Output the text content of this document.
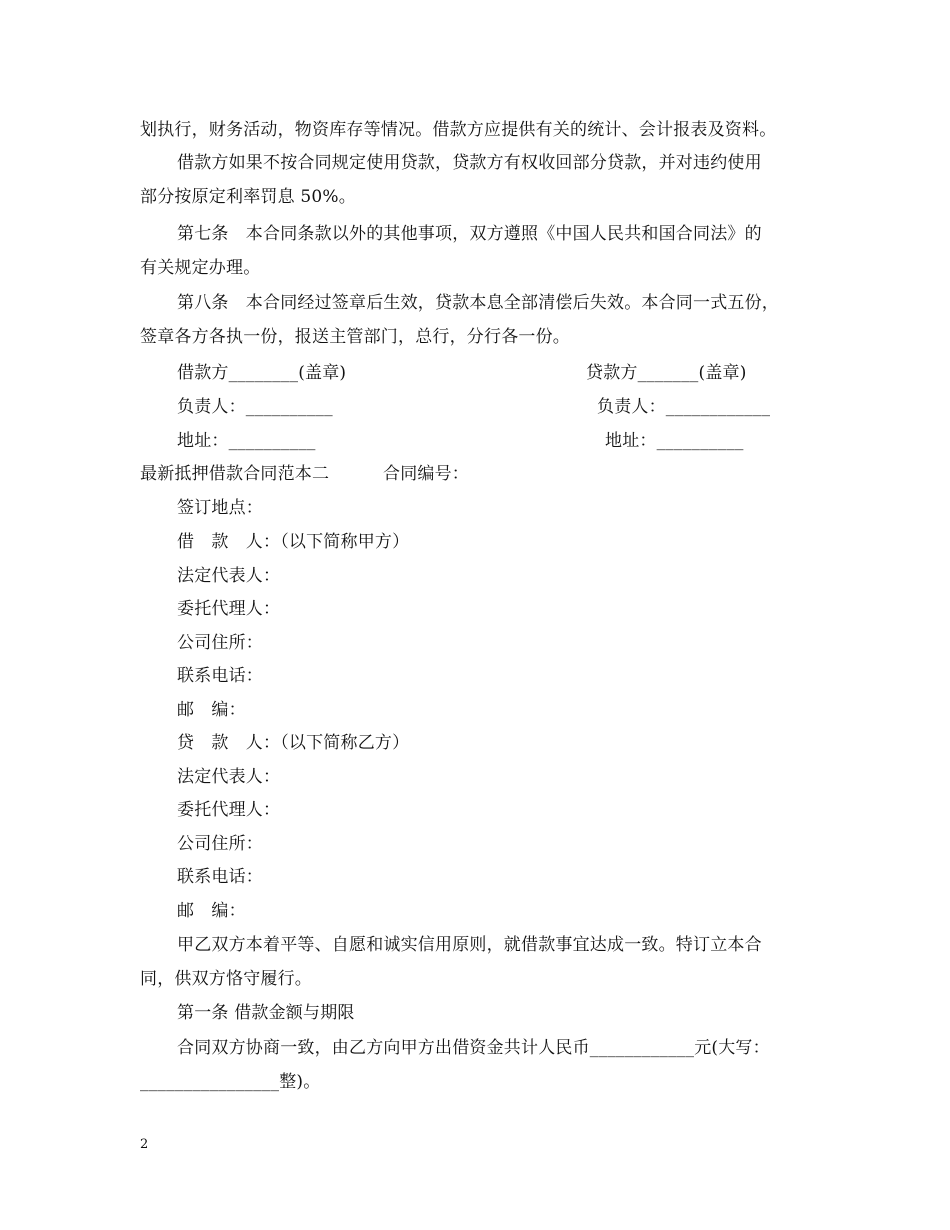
划执行，财务活动，物资库存等情况。借款方应提供有关的统计、会计报表及资料。
借款方如果不按合同规定使用贷款，贷款方有权收回部分贷款，并对违约使用
部分按原定利率罚息 50%。
第七条　本合同条款以外的其他事项，双方遵照《中国人民共和国合同法》的
有关规定办理。
第八条　本合同经过签章后生效，贷款本息全部清偿后失效。本合同一式五份，
签章各方各执一份，报送主管部门，总行，分行各一份。
借款方________(盖章)	贷款方_______(盖章)
负责人：__________	负责人：____________
地址：__________	地址：__________
最新抵押借款合同范本二	合同编号：
签订地点：
借　款　人：（以下简称甲方）
法定代表人：
委托代理人：
公司住所：
联系电话：
邮　编：
贷　款　人：（以下简称乙方）
法定代表人：
委托代理人：
公司住所：
联系电话：
邮　编：
甲乙双方本着平等、自愿和诚实信用原则，就借款事宜达成一致。特订立本合
同，供双方恪守履行。
第一条 借款金额与期限
合同双方协商一致，由乙方向甲方出借资金共计人民币____________元(大写：
________________整)。
2
